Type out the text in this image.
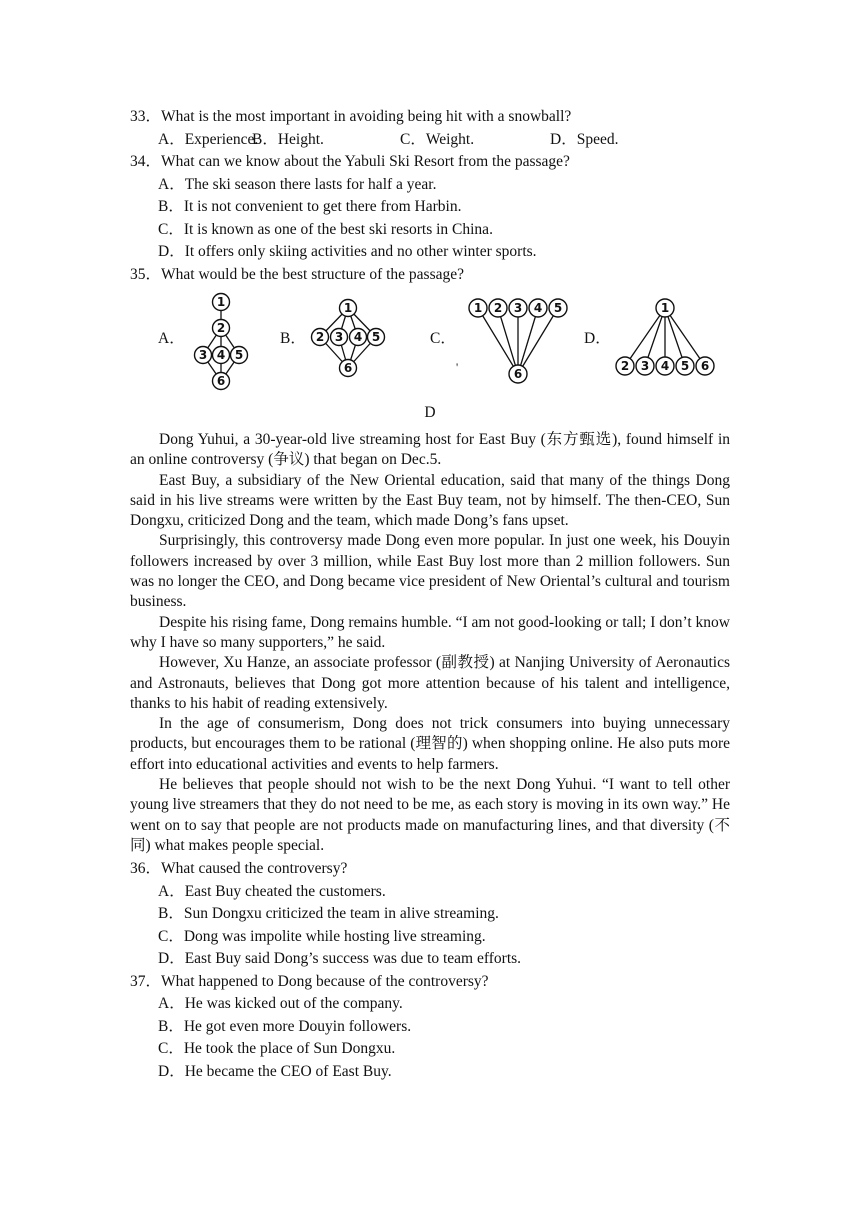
33．What is the most important in avoiding being hit with a snowball?
A．Experience.
B．Height.	C．Weight.	D．Speed.
34．What can we know about the Yabuli Ski Resort from the passage?
A．The ski season there lasts for half a year.
B．It is not convenient to get there from Harbin.
C．It is known as one of the best ski resorts in China.
D．It offers only skiing activities and no other winter sports.
35．What would be the best structure of the passage?
A．
1
2
3 4 5
6
B．
1
2 3 4 5
6
C．
1 2 3 4 5
6
'
D．
1
2 3 4 5 6
D

Dong Yuhui, a 30-year-old live streaming host for East Buy (东方甄选), found himself in an online controversy (争议) that began on Dec.5.

East Buy, a subsidiary of the New Oriental education, said that many of the things Dong said in his live streams were written by the East Buy team, not by himself. The then-CEO, Sun Dongxu, criticized Dong and the team, which made Dong’s fans upset.

Surprisingly, this controversy made Dong even more popular. In just one week, his Douyin followers increased by over 3 million, while East Buy lost more than 2 million followers. Sun was no longer the CEO, and Dong became vice president of New Oriental’s cultural and tourism business.

Despite his rising fame, Dong remains humble. “I am not good-looking or tall; I don’t know why I have so many supporters,” he said.

However, Xu Hanze, an associate professor (副教授) at Nanjing University of Aeronautics and Astronauts, believes that Dong got more attention because of his talent and intelligence, thanks to his habit of reading extensively.

In the age of consumerism, Dong does not trick consumers into buying unnecessary products, but encourages them to be rational (理智的) when shopping online. He also puts more effort into educational activities and events to help farmers.

He believes that people should not wish to be the next Dong Yuhui. “I want to tell other young live streamers that they do not need to be me, as each story is moving in its own way.” He went on to say that people are not products made on manufacturing lines, and that diversity (不同) what makes people special.

36．What caused the controversy?
A．East Buy cheated the customers.
B．Sun Dongxu criticized the team in alive streaming.
C．Dong was impolite while hosting live streaming.
D．East Buy said Dong’s success was due to team efforts.
37．What happened to Dong because of the controversy?
A．He was kicked out of the company.
B．He got even more Douyin followers.
C．He took the place of Sun Dongxu.
D．He became the CEO of East Buy.
